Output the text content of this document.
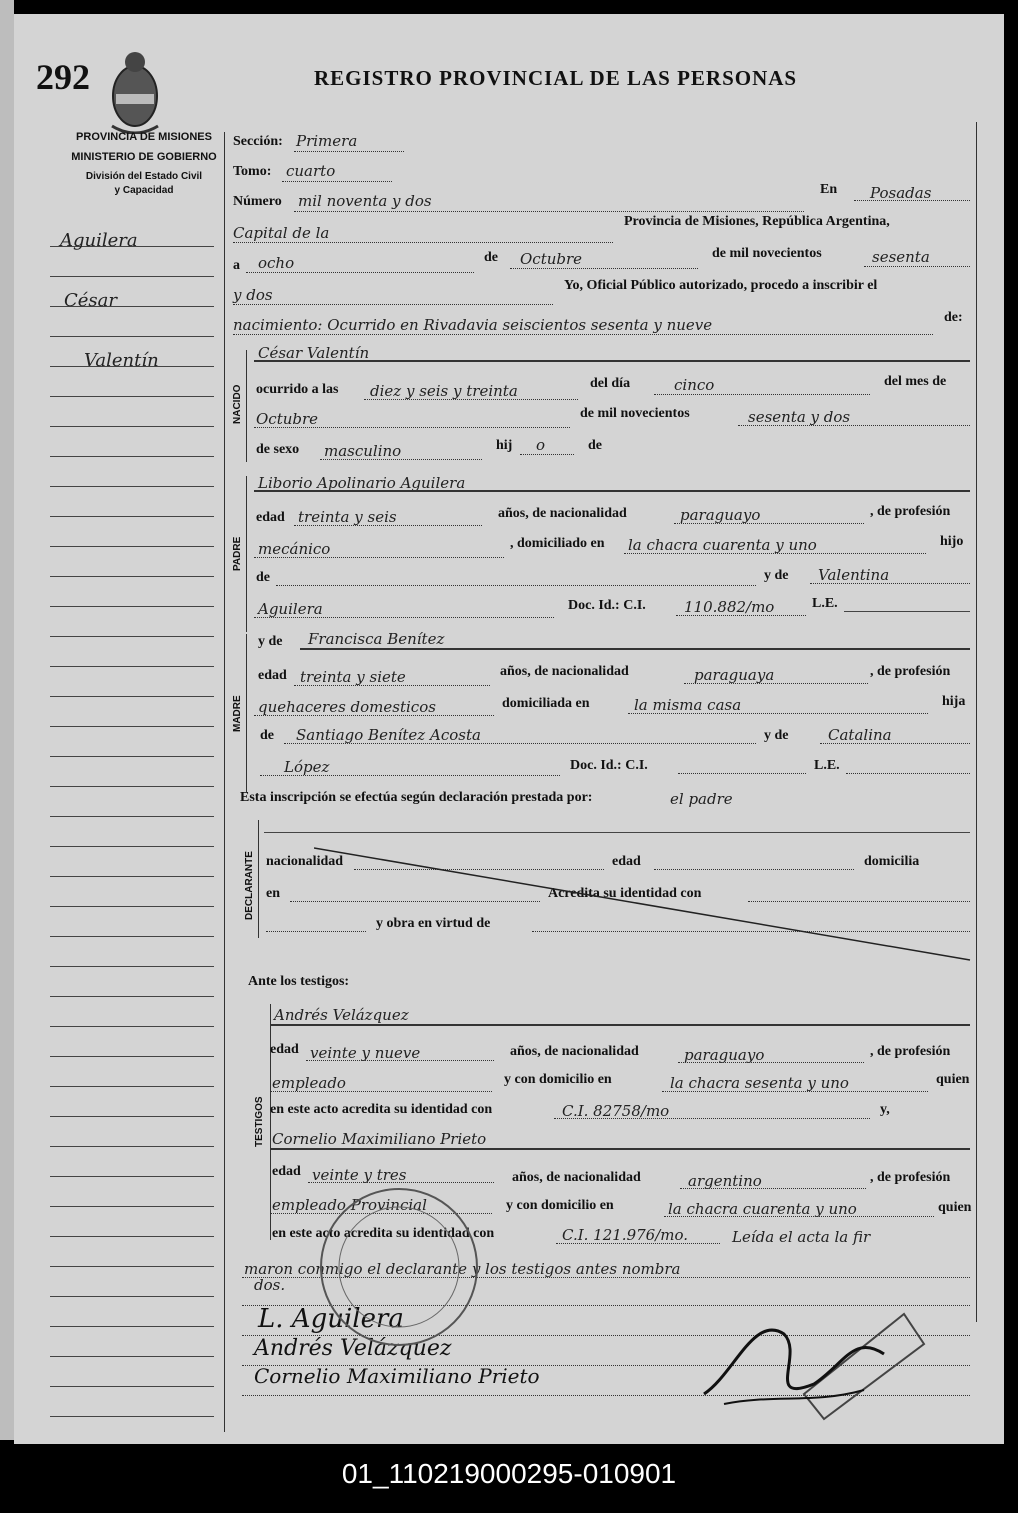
292	REGISTRO PROVINCIAL DE LAS PERSONAS
PROVINCIA DE MISIONES
MINISTERIO DE GOBIERNO
División del Estado Civil
y Capacidad
Aguilera
César
Valentín
Sección: Primera
Tomo: cuarto
Número mil noventa y dos
En Posadas
Capital de la
Provincia de Misiones, República Argentina,
a ocho	de Octubre	de mil novecientos	sesenta
y dos
Yo, Oficial Público autorizado, procedo a inscribir el
nacimiento: Ocurrido en Rivadavia seiscientos sesenta y nueve	de:
NACIDO
César Valentín
ocurrido a las diez y seis y treinta	del día	cinco	del mes de
Octubre	de mil novecientos	sesenta y dos
de sexo masculino	hij o	de
PADRE
Liborio Apolinario Aguilera
edad treinta y seis	años, de nacionalidad	paraguayo	, de profesión
mecánico	, domiciliado en la chacra cuarenta y uno	hijo
de	y de Valentina
Aguilera	Doc. Id.: C.I.	110.882/mo	L.E.
MADRE
y de Francisca Benítez
edad treinta y siete	años, de nacionalidad	paraguaya	, de profesión
quehaceres domesticos	domiciliada en	la misma casa	hija
de Santiago Benítez Acosta	y de	Catalina
López	Doc. Id.: C.I.	L.E.
Esta inscripción se efectúa según declaración prestada por:	el padre
DECLARANTE nacionalidad	edad	domicilia
en	Acredita su identidad con
y obra en virtud de
Ante los testigos:
TESTIGOS
Andrés Velázquez
edad veinte y nueve	años, de nacionalidad	paraguayo	, de profesión
empleado	y con domicilio en	la chacra sesenta y uno	quien
en este acto acredita su identidad con	C.I. 82758/mo	y,
Cornelio Maximiliano Prieto
edad veinte y tres	años, de nacionalidad	argentino	, de profesión
empleado Provincial	y con domicilio en	la chacra cuarenta y uno	quien
en este acto acredita su identidad con	C.I. 121.976/mo.	Leída el acta la fir
maron conmigo el declarante y los testigos antes nombra
dos.
L. Aguilera
Andrés Velázquez
Cornelio Maximiliano Prieto
01_110219000295-010901
